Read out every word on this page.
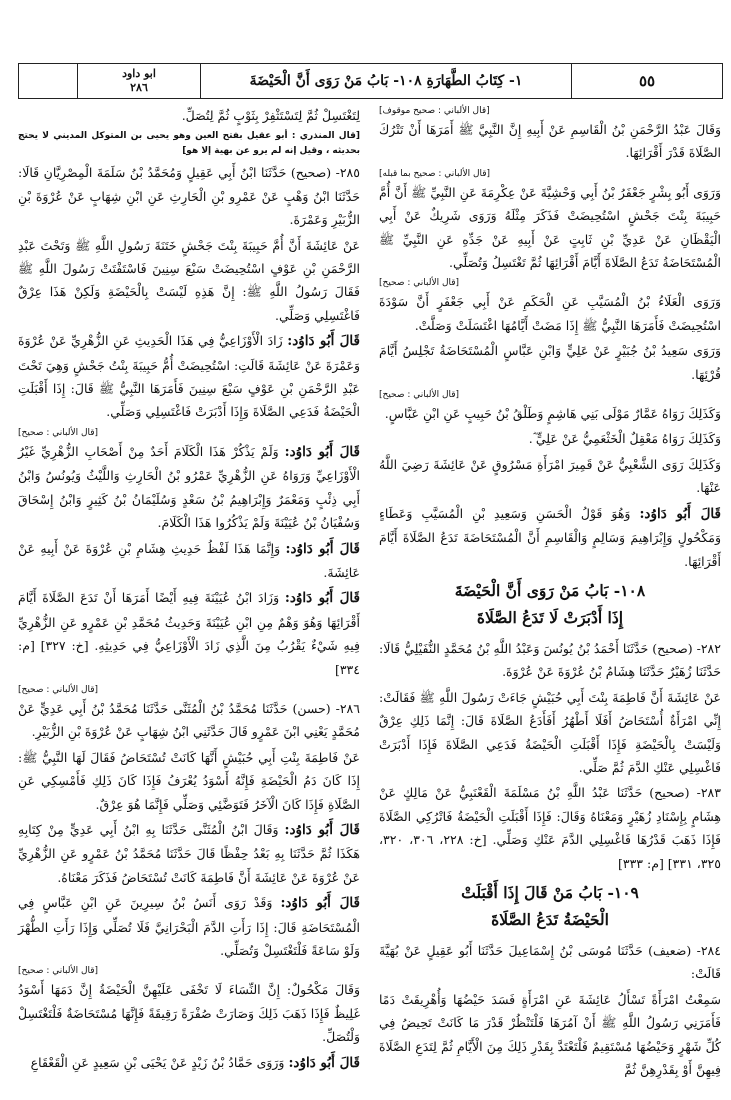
ابو داود
٢٨٦	١- كِتَابُ الطَّهَارَةِ ١٠٨- بَابُ مَنْ رَوَى أَنَّ الْحَيْضَةَ	٥٥
[قال الألباني : صحيح موقوف]

وَقَالَ عَبْدُ الرَّحْمَنِ بْنُ الْقَاسِمِ عَنْ أَبِيهِ إِنَّ النَّبِيَّ ﷺ أَمَرَهَا أَنْ تَتْرُكَ الصَّلَاةَ قَدْرَ أَقْرَائِهَا.

[قال الألباني : صحيح بما قبله]

وَرَوَى أَبُو بِشْرٍ جَعْفَرُ بْنُ أَبِي وَحْشِيَّةَ عَنْ عِكْرِمَةَ عَنِ النَّبِيِّ ﷺ أَنَّ أُمَّ حَبِيبَةَ بِنْتَ جَحْشٍ اسْتُحِيضَتْ فَذَكَرَ مِثْلَهُ وَرَوَى شَرِيكٌ عَنْ أَبِي الْيَقْظَانِ عَنْ عَدِيِّ بْنِ ثَابِتٍ عَنْ أَبِيهِ عَنْ جَدِّهِ عَنِ النَّبِيِّ ﷺ الْمُسْتَحَاضَةُ تَدَعُ الصَّلَاةَ أَيَّامَ أَقْرَائِهَا ثُمَّ تَغْتَسِلُ وَتُصَلِّي.

[قال الألباني : صحيح]

وَرَوَى الْعَلَاءُ بْنُ الْمُسَيَّبِ عَنِ الْحَكَمِ عَنْ أَبِي جَعْفَرٍ أَنَّ سَوْدَةَ اسْتُحِيضَتْ فَأَمَرَهَا النَّبِيُّ ﷺ إِذَا مَضَتْ أَيَّامُهَا اغْتَسَلَتْ وَصَلَّتْ.

وَرَوَى سَعِيدُ بْنُ جُبَيْرٍ عَنْ عَلِيٍّ وَابْنِ عَبَّاسٍ الْمُسْتَحَاضَةُ تَجْلِسُ أَيَّامَ قُرْئِهَا.

[قال الألباني : صحيح]

وَكَذَلِكَ رَوَاهُ عَمَّارٌ مَوْلَى بَنِي هَاشِمٍ وَطَلْقُ بْنُ حَبِيبٍ عَنِ ابْنِ عَبَّاسٍ.

وَكَذَلِكَ رَوَاهُ مَعْقِلٌ الْخَثْعَمِيُّ عَنْ عَلِيٍّ ؓ.

وَكَذَلِكَ رَوَى الشَّعْبِيُّ عَنْ قَمِيرَ امْرَأَةِ مَسْرُوقٍ عَنْ عَائِشَةَ رَضِيَ اللَّهُ عَنْهَا.

قَالَ أَبُو دَاوُد: وَهُوَ قَوْلُ الْحَسَنِ وَسَعِيدِ بْنِ الْمُسَيَّبِ وَعَطَاءٍ وَمَكْحُولٍ وَإِبْرَاهِيمَ وَسَالِمٍ وَالْقَاسِمِ أَنَّ الْمُسْتَحَاضَةَ تَدَعُ الصَّلَاةَ أَيَّامَ أَقْرَائِهَا.

١٠٨- بَابُ مَنْ رَوَى أَنَّ الْحَيْضَةَ
إِذَا أَدْبَرَتْ لَا تَدَعُ الصَّلَاةَ

٢٨٢- (صحيح) حَدَّثَنَا أَحْمَدُ بْنُ يُونُسَ وَعَبْدُ اللَّهِ بْنُ مُحَمَّدٍ النُّفَيْلِيُّ قَالَا: حَدَّثَنَا زُهَيْرٌ حَدَّثَنَا هِشَامُ بْنُ عُرْوَةَ عَنْ عُرْوَةَ.

عَنْ عَائِشَةَ أَنَّ فَاطِمَةَ بِنْتَ أَبِي حُبَيْشٍ جَاءَتْ رَسُولَ اللَّهِ ﷺ فَقَالَتْ: إِنِّي امْرَأَةٌ أُسْتَحَاضُ أَفَلَا أَطْهُرُ أَفَأَدَعُ الصَّلَاةَ قَالَ: إِنَّمَا ذَلِكِ عِرْقٌ وَلَيْسَتْ بِالْحَيْضَةِ فَإِذَا أَقْبَلَتِ الْحَيْضَةُ فَدَعِي الصَّلَاةَ فَإِذَا أَدْبَرَتْ فَاغْسِلِي عَنْكِ الدَّمَ ثُمَّ صَلِّي.

٢٨٣- (صحيح) حَدَّثَنَا عَبْدُ اللَّهِ بْنُ مَسْلَمَةَ الْقَعْنَبِيُّ عَنْ مَالِكٍ عَنْ هِشَامٍ بِإِسْنَادِ زُهَيْرٍ وَمَعْنَاهُ وَقَالَ: فَإِذَا أَقْبَلَتِ الْحَيْضَةُ فَاتْرُكِي الصَّلَاةَ فَإِذَا ذَهَبَ قَدْرُهَا فَاغْسِلِي الدَّمَ عَنْكِ وَصَلِّي. [خ: ٢٢٨، ٣٠٦، ٣٢٠، ٣٢٥، ٣٣١] [م: ٣٣٣]

١٠٩- بَابُ مَنْ قَالَ إِذَا أَقْبَلَتْ
الْحَيْضَةُ تَدَعُ الصَّلَاةَ

٢٨٤- (ضعيف) حَدَّثَنَا مُوسَى بْنُ إِسْمَاعِيلَ حَدَّثَنَا أَبُو عَقِيلٍ عَنْ بُهَيَّةَ قَالَتْ:

سَمِعْتُ امْرَأَةً تَسْأَلُ عَائِشَةَ عَنِ امْرَأَةٍ فَسَدَ حَيْضُهَا وَأُهْرِيقَتْ دَمًا فَأَمَرَنِي رَسُولُ اللَّهِ ﷺ أَنْ آمُرَهَا فَلْتَنْظُرْ قَدْرَ مَا كَانَتْ تَحِيضُ فِي كُلِّ شَهْرٍ وَحَيْضُهَا مُسْتَقِيمٌ فَلْتَعْتَدَّ بِقَدْرِ ذَلِكَ مِنَ الْأَيَّامِ ثُمَّ لِتَدَعِ الصَّلَاةَ فِيهِنَّ أَوْ بِقَدْرِهِنَّ ثُمَّ

لِتَغْتَسِلْ ثُمَّ لِتَسْتَثْفِرْ بِثَوْبٍ ثُمَّ لِتُصَلِّ.

[قال المنذري : أبو عقيل بفتح العين وهو يحيى بن المتوكل المديني لا يحتج بحديثه ، وقيل إنه لم يرو عن بهية إلا هو]

٢٨٥- (صحيح) حَدَّثَنَا ابْنُ أَبِي عَقِيلٍ وَمُحَمَّدُ بْنُ سَلَمَةَ الْمِصْرِيَّانِ قَالَا: حَدَّثَنَا ابْنُ وَهْبٍ عَنْ عَمْرِو بْنِ الْحَارِثِ عَنِ ابْنِ شِهَابٍ عَنْ عُرْوَةَ بْنِ الزُّبَيْرِ وَعَمْرَةَ.

عَنْ عَائِشَةَ أَنَّ أُمَّ حَبِيبَةَ بِنْتَ جَحْشٍ خَتَنَةَ رَسُولِ اللَّهِ ﷺ وَتَحْتَ عَبْدِ الرَّحْمَنِ بْنِ عَوْفٍ اسْتُحِيضَتْ سَبْعَ سِنِينَ فَاسْتَفْتَتْ رَسُولَ اللَّهِ ﷺ فَقَالَ رَسُولُ اللَّهِ ﷺ: إِنَّ هَذِهِ لَيْسَتْ بِالْحَيْضَةِ وَلَكِنْ هَذَا عِرْقٌ فَاغْتَسِلِي وَصَلِّي.

قَالَ أَبُو دَاوُد: زَادَ الْأَوْزَاعِيُّ فِي هَذَا الْحَدِيثِ عَنِ الزُّهْرِيِّ عَنْ عُرْوَةَ وَعَمْرَةَ عَنْ عَائِشَةَ قَالَتِ: اسْتُحِيضَتْ أُمُّ حَبِيبَةَ بِنْتُ جَحْشٍ وَهِيَ تَحْتَ عَبْدِ الرَّحْمَنِ بْنِ عَوْفٍ سَبْعَ سِنِينَ فَأَمَرَهَا النَّبِيُّ ﷺ قَالَ: إِذَا أَقْبَلَتِ الْحَيْضَةُ فَدَعِي الصَّلَاةَ وَإِذَا أَدْبَرَتْ فَاغْتَسِلِي وَصَلِّي.

[قال الألباني : صحيح]

قَالَ أَبُو دَاوُد: وَلَمْ يَذْكُرْ هَذَا الْكَلَامَ أَحَدٌ مِنْ أَصْحَابِ الزُّهْرِيِّ غَيْرُ الْأَوْزَاعِيِّ وَرَوَاهُ عَنِ الزُّهْرِيِّ عَمْرُو بْنُ الْحَارِثِ وَاللَّيْثُ وَيُونُسُ وَابْنُ أَبِي ذِئْبٍ وَمَعْمَرٌ وَإِبْرَاهِيمُ بْنُ سَعْدٍ وَسُلَيْمَانُ بْنُ كَثِيرٍ وَابْنُ إِسْحَاقَ وَسُفْيَانُ بْنُ عُيَيْنَةَ وَلَمْ يَذْكُرُوا هَذَا الْكَلَامَ.

قَالَ أَبُو دَاوُد: وَإِنَّمَا هَذَا لَفْظُ حَدِيثِ هِشَامِ بْنِ عُرْوَةَ عَنْ أَبِيهِ عَنْ عَائِشَةَ.

قَالَ أَبُو دَاوُد: وَزَادَ ابْنُ عُيَيْنَةَ فِيهِ أَيْضًا أَمَرَهَا أَنْ تَدَعَ الصَّلَاةَ أَيَّامَ أَقْرَائِهَا وَهُوَ وَهْمٌ مِنِ ابْنِ عُيَيْنَةَ وَحَدِيثُ مُحَمَّدِ بْنِ عَمْرٍو عَنِ الزُّهْرِيِّ فِيهِ شَيْءٌ يَقْرُبُ مِنَ الَّذِي زَادَ الْأَوْزَاعِيُّ فِي حَدِيثِهِ. [خ: ٣٢٧] [م: ٣٣٤]

[قال الألباني : صحيح]

٢٨٦- (حسن) حَدَّثَنَا مُحَمَّدُ بْنُ الْمُثَنَّى حَدَّثَنَا مُحَمَّدُ بْنُ أَبِي عَدِيٍّ عَنْ مُحَمَّدٍ يَعْنِي ابْنَ عَمْرٍو قَالَ حَدَّثَنِي ابْنُ شِهَابٍ عَنْ عُرْوَةَ بْنِ الزُّبَيْرِ.

عَنْ فَاطِمَةَ بِنْتِ أَبِي حُبَيْشٍ أَنَّهَا كَانَتْ تُسْتَحَاضُ فَقَالَ لَهَا النَّبِيُّ ﷺ: إِذَا كَانَ دَمُ الْحَيْضَةِ فَإِنَّهُ أَسْوَدُ يُعْرَفُ فَإِذَا كَانَ ذَلِكِ فَأَمْسِكِي عَنِ الصَّلَاةِ فَإِذَا كَانَ الْآخَرُ فَتَوَضَّئِي وَصَلِّي فَإِنَّمَا هُوَ عِرْقٌ.

قَالَ أَبُو دَاوُد: وَقَالَ ابْنُ الْمُثَنَّى حَدَّثَنَا بِهِ ابْنُ أَبِي عَدِيٍّ مِنْ كِتَابِهِ هَكَذَا ثُمَّ حَدَّثَنَا بِهِ بَعْدُ حِفْظًا قَالَ حَدَّثَنَا مُحَمَّدُ بْنُ عَمْرٍو عَنِ الزُّهْرِيِّ عَنْ عُرْوَةَ عَنْ عَائِشَةَ أَنَّ فَاطِمَةَ كَانَتْ تُسْتَحَاضُ فَذَكَرَ مَعْنَاهُ.

قَالَ أَبُو دَاوُد: وَقَدْ رَوَى أَنَسُ بْنُ سِيرِينَ عَنِ ابْنِ عَبَّاسٍ فِي الْمُسْتَحَاضَةِ قَالَ: إِذَا رَأَتِ الدَّمَ الْبَحْرَانِيَّ فَلَا تُصَلِّي وَإِذَا رَأَتِ الطُّهْرَ وَلَوْ سَاعَةً فَلْتَغْتَسِلْ وَتُصَلِّي.

[قال الألباني : صحيح]

وَقَالَ مَكْحُولٌ: إِنَّ النِّسَاءَ لَا تَخْفَى عَلَيْهِنَّ الْحَيْضَةُ إِنَّ دَمَهَا أَسْوَدُ غَلِيظٌ فَإِذَا ذَهَبَ ذَلِكَ وَصَارَتْ صُفْرَةً رَقِيقَةً فَإِنَّهَا مُسْتَحَاضَةٌ فَلْتَغْتَسِلْ وَلْتُصَلِّ.

قَالَ أَبُو دَاوُد: وَرَوَى حَمَّادُ بْنُ زَيْدٍ عَنْ يَحْيَى بْنِ سَعِيدٍ عَنِ الْقَعْقَاعِ
